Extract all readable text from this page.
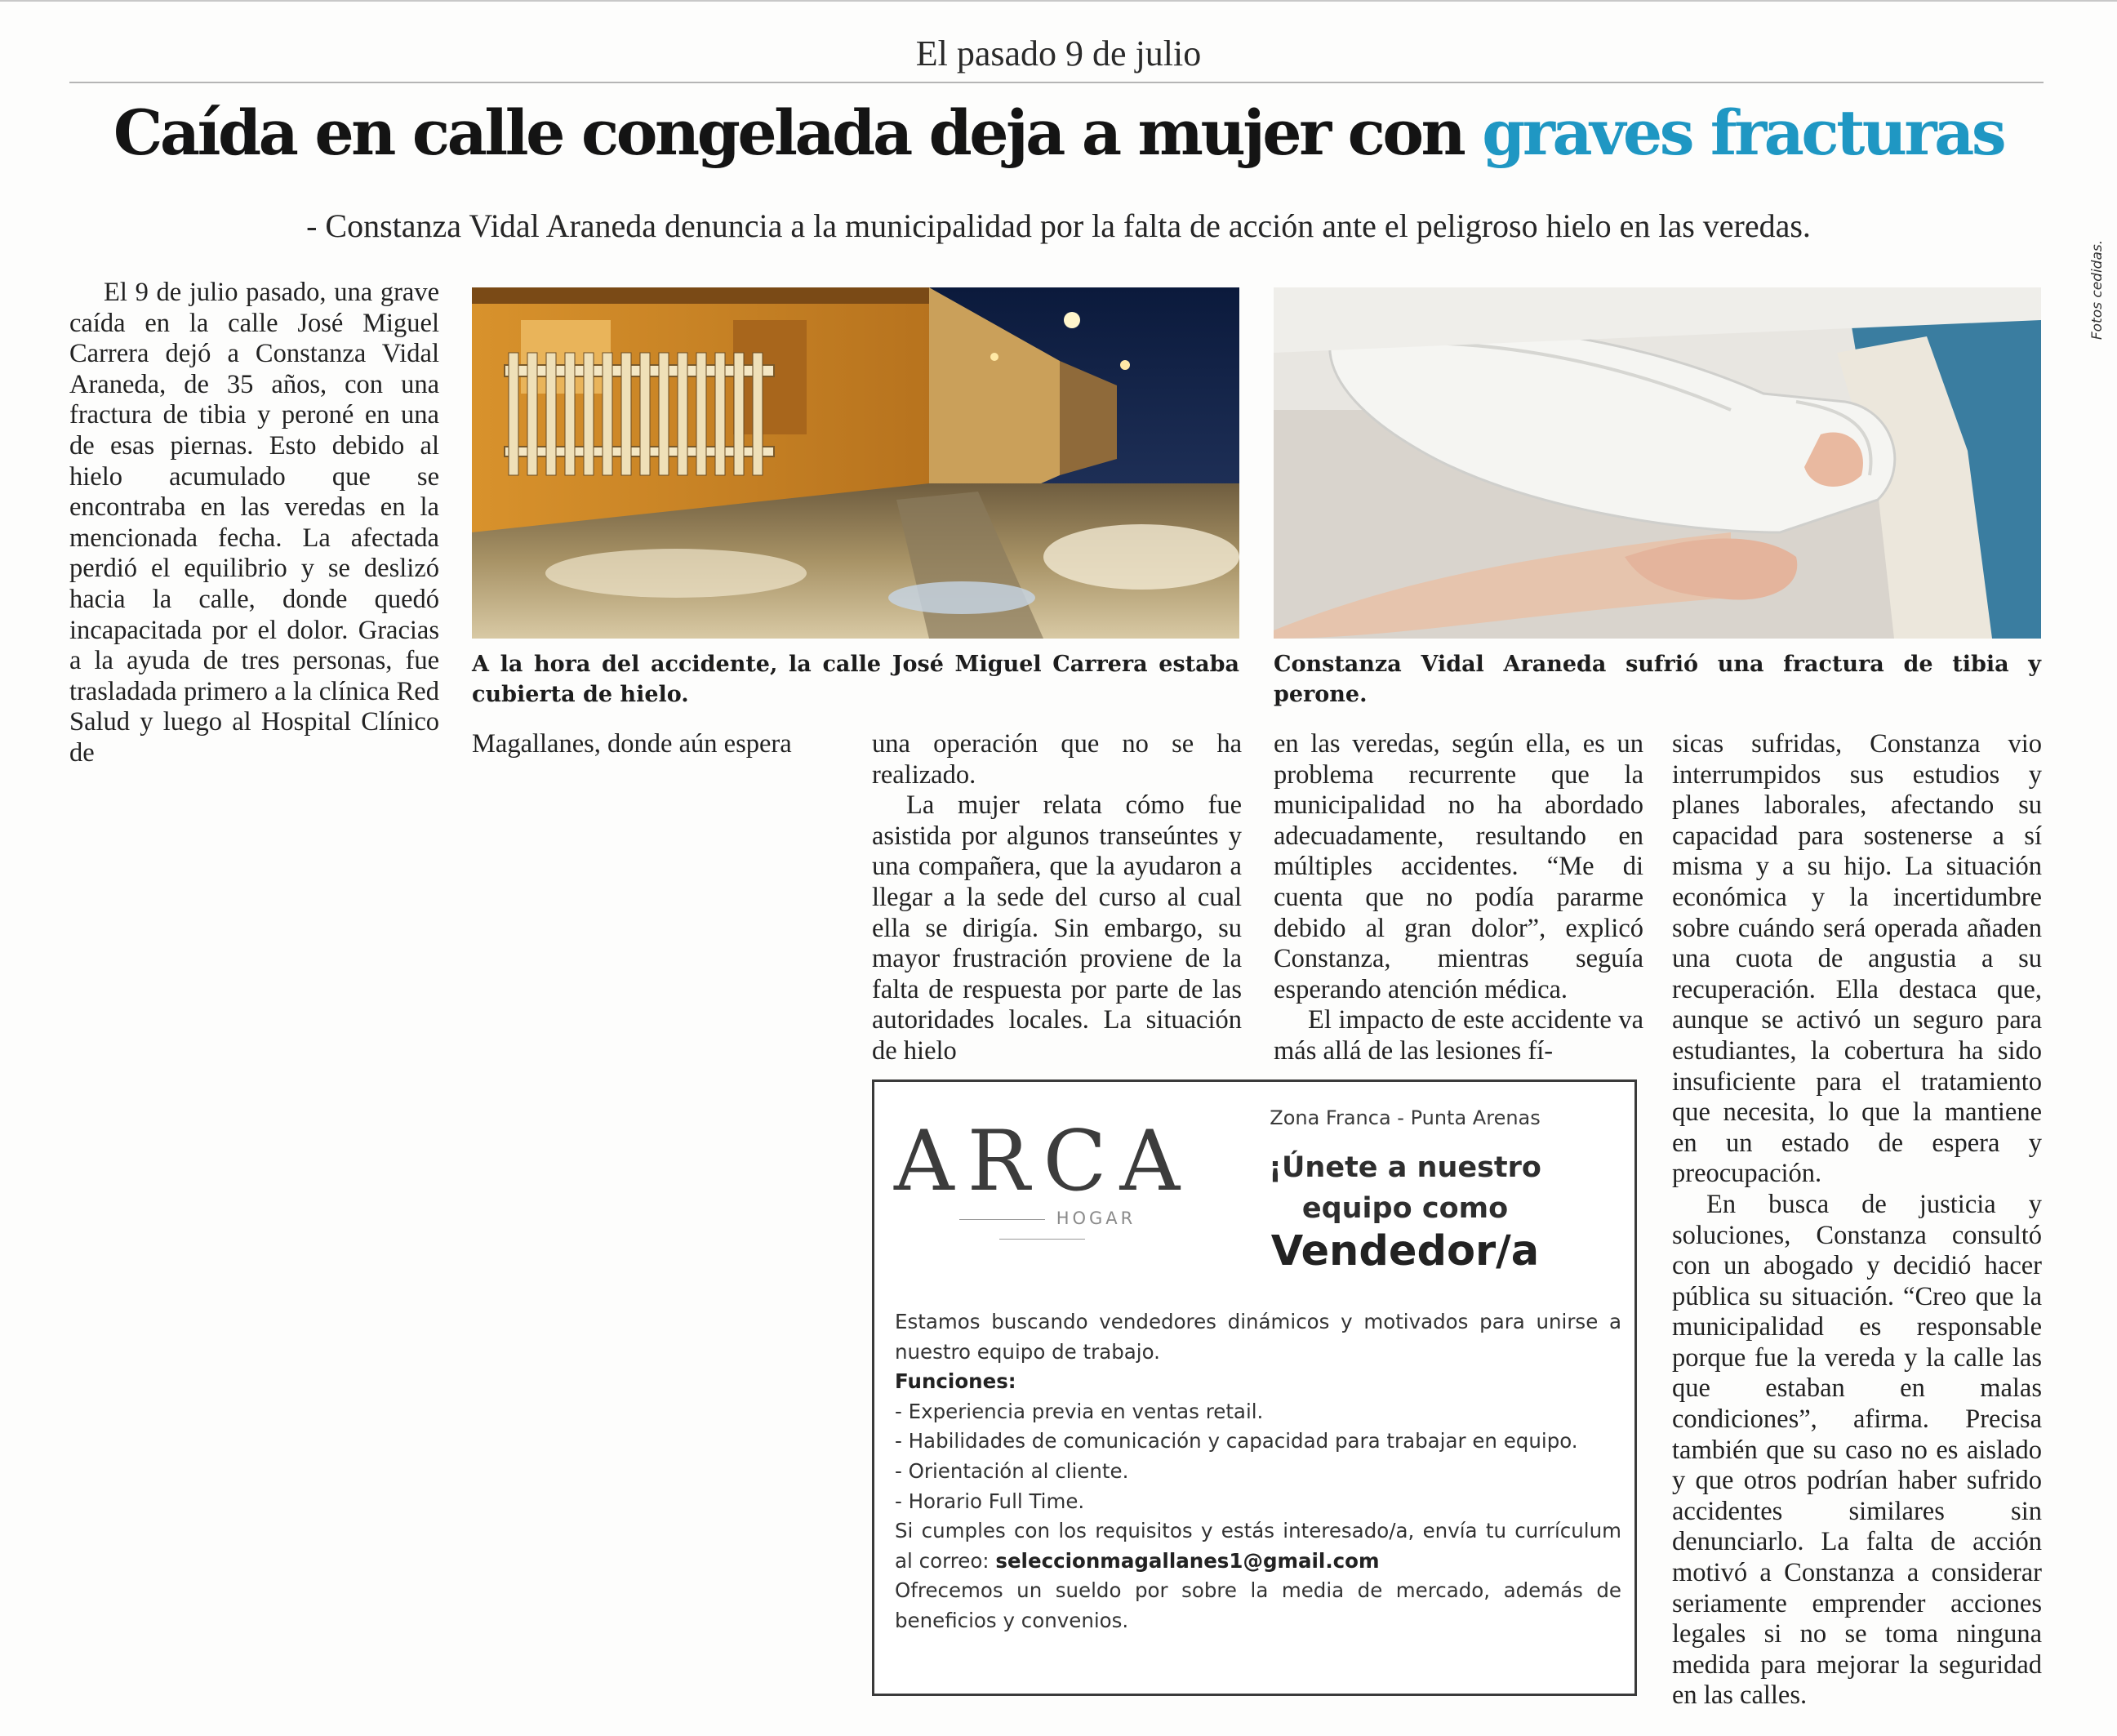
El pasado 9 de julio
Caída en calle congelada deja a mujer con graves fracturas
- Constanza Vidal Araneda denuncia a la municipalidad por la falta de acción ante el peligroso hielo en las veredas.

El 9 de julio pasado, una grave caída en la calle José Miguel Carrera dejó a Constanza Vidal Araneda, de 35 años, con una fractura de tibia y peroné en una de esas piernas. Esto debido al hielo acumulado que se encontraba en las veredas en la mencionada fecha. La afectada perdió el equilibrio y se deslizó hacia la calle, donde quedó incapacitada por el dolor. Gracias a la ayuda de tres personas, fue trasladada primero a la clínica Red Salud y luego al Hospital Clínico de

A la hora del accidente, la calle José Miguel Carrera estaba cubierta de hielo.
Constanza Vidal Araneda sufrió una fractura de tibia y perone.
Fotos cedidas.

Magallanes, donde aún espera	una operación que no se ha realizado.

La mujer relata cómo fue asistida por algunos transeúntes y una compañera, que la ayudaron a llegar a la sede del curso al cual ella se dirigía. Sin embargo, su mayor frustración proviene de la falta de respuesta por parte de las autoridades locales. La situación de hielo

en las veredas, según ella, es un problema recurrente que la municipalidad no ha abordado adecuadamente, resultando en múltiples accidentes. “Me di cuenta que no podía pararme debido al gran dolor”, explicó Constanza, mientras seguía esperando atención médica.

El impacto de este accidente va más allá de las lesiones fí-

sicas sufridas, Constanza vio interrumpidos sus estudios y planes laborales, afectando su capacidad para sostenerse a sí misma y a su hijo. La situación económica y la incertidumbre sobre cuándo será operada añaden una cuota de angustia a su recuperación. Ella destaca que, aunque se activó un seguro para estudiantes, la cobertura ha sido insuficiente para el tratamiento que necesita, lo que la mantiene en un estado de espera y preocupación.

En busca de justicia y soluciones, Constanza consultó con un abogado y decidió hacer pública su situación. “Creo que la municipalidad es responsable porque fue la vereda y la calle las que estaban en malas condiciones”, afirma. Precisa también que su caso no es aislado y que otros podrían haber sufrido accidentes similares sin denunciarlo. La falta de acción motivó a Constanza a considerar seriamente emprender acciones legales si no se toma ninguna medida para mejorar la seguridad en las calles.

ARCA
HOGAR
Zona Franca - Punta Arenas
¡Únete a nuestro equipo como
Vendedor/a
Estamos buscando vendedores dinámicos y motivados para unirse a nuestro equipo de trabajo.
Funciones:
- Experiencia previa en ventas retail.
- Habilidades de comunicación y capacidad para trabajar en equipo.
- Orientación al cliente.
- Horario Full Time.
Si cumples con los requisitos y estás interesado/a, envía tu currículum al correo: seleccionmagallanes1@gmail.com
Ofrecemos un sueldo por sobre la media de mercado, además de beneficios y convenios.
